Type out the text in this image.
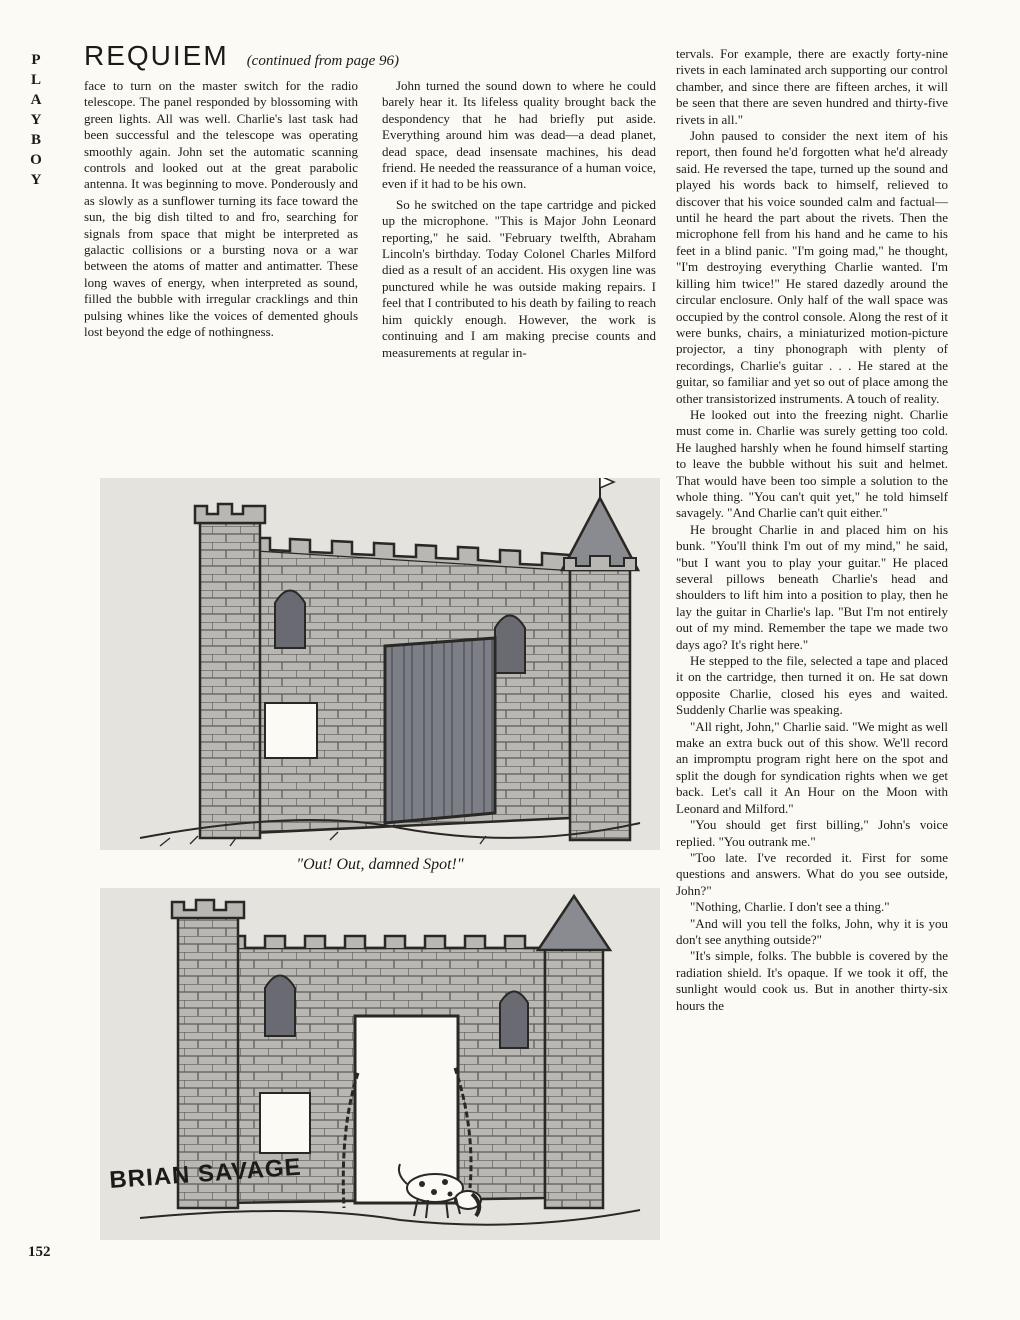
P
L
A
Y
B
O
Y
REQUIEM (continued from page 96)

face to turn on the master switch for the radio telescope. The panel responded by blossoming with green lights. All was well. Charlie's last task had been successful and the telescope was operating smoothly again. John set the automatic scanning controls and looked out at the great parabolic antenna. It was beginning to move. Ponderously and as slowly as a sunflower turning its face toward the sun, the big dish tilted to and fro, searching for signals from space that might be interpreted as galactic collisions or a bursting nova or a war between the atoms of matter and antimatter. These long waves of energy, when interpreted as sound, filled the bubble with irregular cracklings and thin pulsing whines like the voices of demented ghouls lost beyond the edge of nothingness.

John turned the sound down to where he could barely hear it. Its lifeless quality brought back the despondency that he had briefly put aside. Everything around him was dead—a dead planet, dead space, dead insensate machines, his dead friend. He needed the reassurance of a human voice, even if it had to be his own.

So he switched on the tape cartridge and picked up the microphone. "This is Major John Leonard reporting," he said. "February twelfth, Abraham Lincoln's birthday. Today Colonel Charles Milford died as a result of an accident. His oxygen line was punctured while he was outside making repairs. I feel that I contributed to his death by failing to reach him quickly enough. However, the work is continuing and I am making precise counts and measurements at regular in-

tervals. For example, there are exactly forty-nine rivets in each laminated arch supporting our control chamber, and since there are fifteen arches, it will be seen that there are seven hundred and thirty-five rivets in all."

John paused to consider the next item of his report, then found he'd forgotten what he'd already said. He reversed the tape, turned up the sound and played his words back to himself, relieved to discover that his voice sounded calm and factual—until he heard the part about the rivets. Then the microphone fell from his hand and he came to his feet in a blind panic. "I'm going mad," he thought, "I'm destroying everything Charlie wanted. I'm killing him twice!" He stared dazedly around the circular enclosure. Only half of the wall space was occupied by the control console. Along the rest of it were bunks, chairs, a miniaturized motion-picture projector, a tiny phonograph with plenty of recordings, Charlie's guitar . . . He stared at the guitar, so familiar and yet so out of place among the other transistorized instruments. A touch of reality.

He looked out into the freezing night. Charlie must come in. Charlie was surely getting too cold. He laughed harshly when he found himself starting to leave the bubble without his suit and helmet. That would have been too simple a solution to the whole thing. "You can't quit yet," he told himself savagely. "And Charlie can't quit either."

He brought Charlie in and placed him on his bunk. "You'll think I'm out of my mind," he said, "but I want you to play your guitar." He placed several pillows beneath Charlie's head and shoulders to lift him into a position to play, then he lay the guitar in Charlie's lap. "But I'm not entirely out of my mind. Remember the tape we made two days ago? It's right here."

He stepped to the file, selected a tape and placed it on the cartridge, then turned it on. He sat down opposite Charlie, closed his eyes and waited. Suddenly Charlie was speaking.

"All right, John," Charlie said. "We might as well make an extra buck out of this show. We'll record an impromptu program right here on the spot and split the dough for syndication rights when we get back. Let's call it An Hour on the Moon with Leonard and Milford."

"You should get first billing," John's voice replied. "You outrank me."

"Too late. I've recorded it. First for some questions and answers. What do you see outside, John?"

"Nothing, Charlie. I don't see a thing."

"And will you tell the folks, John, why it is you don't see anything outside?"

"It's simple, folks. The bubble is covered by the radiation shield. It's opaque. If we took it off, the sunlight would cook us. But in another thirty-six hours the

"Out! Out, damned Spot!"
BRIAN SAVAGE
152
